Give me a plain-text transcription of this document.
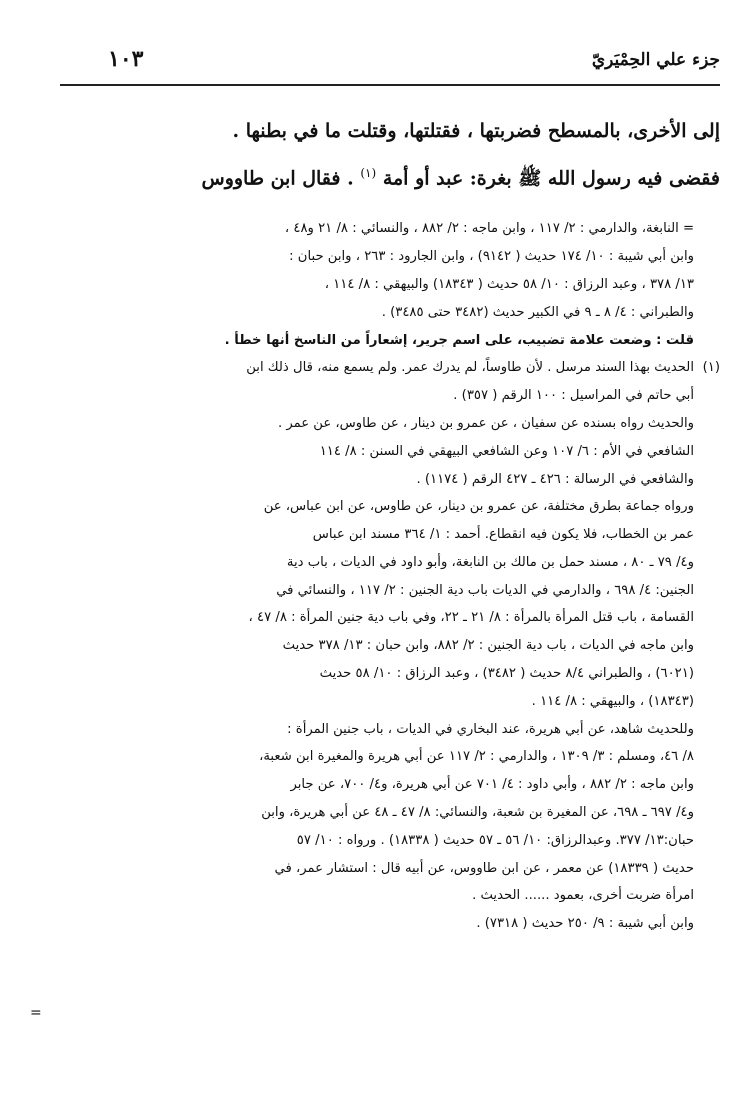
جزء علي الحِمْيَريّ
١٠٣
إلى الأخرى، بالمسطح فضربتها ، فقتلتها، وقتلت ما في بطنها .
فقضى فيه رسول الله ﷺ بغرة: عبد أو أمة $^{(١)}$ . فقال ابن طاووس
= النابغة، والدارمي : ٢/ ١١٧ ، وابن ماجه : ٢/ ٨٨٢ ، والنسائي : ٨/ ٢١ و٤٨ ،
وابن أبي شيبة : ١٠/ ١٧٤ حديث ( ٩١٤٢) ، وابن الجارود : ٢٦٣ ، وابن حبان :
١٣/ ٣٧٨ ، وعبد الرزاق : ١٠/ ٥٨ حديث ( ١٨٣٤٣) والبيهقي : ٨/ ١١٤ ،
والطبراني : ٤/ ٨ ـ ٩ في الكبير حديث (٣٤٨٢ حتى ٣٤٨٥) .
قلت : وضعت علامة تضبيب، على اسم جرير، إشعاراً من الناسخ أنها خطأ .
(١)الحديث بهذا السند مرسل . لأن طاوساً، لم يدرك عمر. ولم يسمع منه، قال ذلك ابن
أبي حاتم في المراسيل : ١٠٠ الرقم ( ٣٥٧) .
والحديث رواه بسنده عن سفيان ، عن عمرو بن دينار ، عن طاوس، عن عمر .
الشافعي في الأم : ٦/ ١٠٧ وعن الشافعي البيهقي في السنن : ٨/ ١١٤
والشافعي في الرسالة : ٤٢٦ ـ ٤٢٧ الرقم ( ١١٧٤) .
ورواه جماعة بطرق مختلفة، عن عمرو بن دينار، عن طاوس، عن ابن عباس، عن
عمر بن الخطاب، فلا يكون فيه انقطاع. أحمد : ١/ ٣٦٤ مسند ابن عباس
و٤/ ٧٩ ـ ٨٠ ، مسند حمل بن مالك بن النابغة، وأبو داود في الديات ، باب دية
الجنين: ٤/ ٦٩٨ ، والدارمي في الديات باب دية الجنين : ٢/ ١١٧ ، والنسائي في
القسامة ، باب قتل المرأة بالمرأة : ٨/ ٢١ ـ ٢٢، وفي باب دية جنين المرأة : ٨/ ٤٧ ،
وابن ماجه في الديات ، باب دية الجنين : ٢/ ٨٨٢، وابن حبان : ١٣/ ٣٧٨ حديث
(٦٠٢١) ، والطبراني ٨/٤ حديث ( ٣٤٨٢) ، وعبد الرزاق : ١٠/ ٥٨ حديث
(١٨٣٤٣) ، والبيهقي : ٨/ ١١٤ .
وللحديث شاهد، عن أبي هريرة، عند البخاري في الديات ، باب جنين المرأة :
٨/ ٤٦، ومسلم : ٣/ ١٣٠٩ ، والدارمي : ٢/ ١١٧ عن أبي هريرة والمغيرة ابن شعبة،
وابن ماجه : ٢/ ٨٨٢ ، وأبي داود : ٤/ ٧٠١ عن أبي هريرة، و٤/ ٧٠٠، عن جابر
و٤/ ٦٩٧ ـ ٦٩٨، عن المغيرة بن شعبة، والنسائي: ٨/ ٤٧ ـ ٤٨ عن أبي هريرة، وابن
حبان:١٣/ ٣٧٧. وعبدالرزاق: ١٠/ ٥٦ ـ ٥٧ حديث ( ١٨٣٣٨) . ورواه : ١٠/ ٥٧
حديث ( ١٨٣٣٩) عن معمر ، عن ابن طاووس، عن أبيه قال : استشار عمر، في
امرأة ضربت أخرى، بعمود ...... الحديث .
وابن أبي شيبة : ٩/ ٢٥٠ حديث ( ٧٣١٨) .
=
